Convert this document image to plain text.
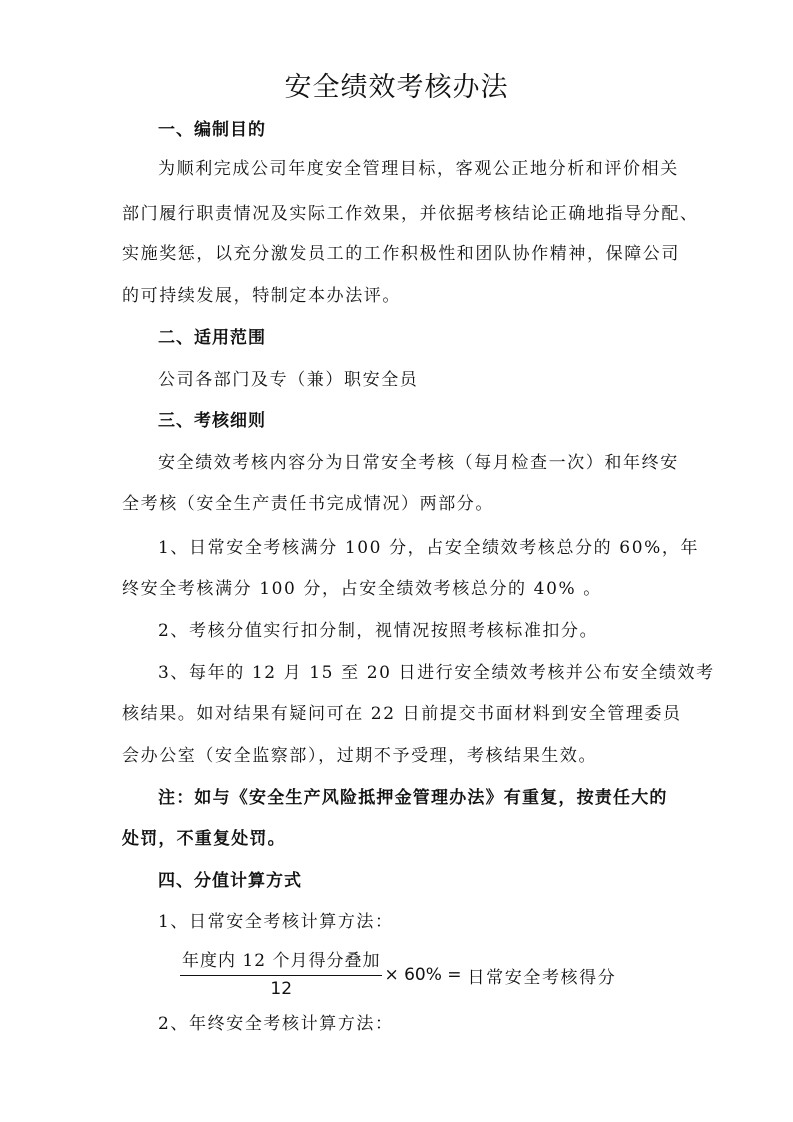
安全绩效考核办法
一、编制目的
为顺利完成公司年度安全管理目标，客观公正地分析和评价相关
部门履行职责情况及实际工作效果，并依据考核结论正确地指导分配、
实施奖惩，以充分激发员工的工作积极性和团队协作精神，保障公司
的可持续发展，特制定本办法评。
二、适用范围
公司各部门及专（兼）职安全员
三、考核细则
安全绩效考核内容分为日常安全考核（每月检查一次）和年终安
全考核（安全生产责任书完成情况）两部分。
1、日常安全考核满分 100 分，占安全绩效考核总分的 60%，年
终安全考核满分 100 分，占安全绩效考核总分的 40% 。
2、考核分值实行扣分制，视情况按照考核标准扣分。
3、每年的 12 月 15 至 20 日进行安全绩效考核并公布安全绩效考
核结果。如对结果有疑问可在 22 日前提交书面材料到安全管理委员
会办公室（安全监察部），过期不予受理，考核结果生效。
注：如与《安全生产风险抵押金管理办法》有重复，按责任大的
处罚，不重复处罚。
四、分值计算方式
1、日常安全考核计算方法：
$\frac{\text{年度内 12 个月得分叠加}}{12} \times 60\%$ = 日常安全考核得分
2、年终安全考核计算方法：
